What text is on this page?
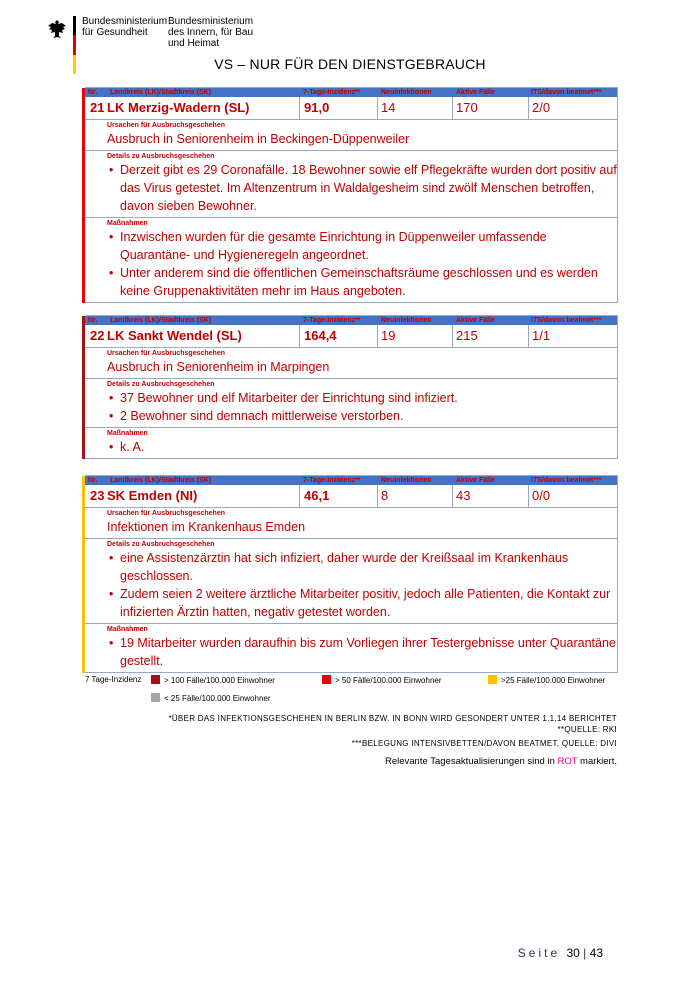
Bundesministerium
für Gesundheit
Bundesministerium
des Innern, für Bau
und Heimat
VS – NUR FÜR DEN DIENSTGEBRAUCH
Nr. Landkreis (LK)/Stadtkreis (SK)	7-Tage-Inzidenz**	Neuinfektionen	Aktive Fälle	ITS/davon beatmet***
21 LK Merzig-Wadern (SL)	91,0	14	170	2/0
Ursachen für Ausbruchsgeschehen
Ausbruch in Seniorenheim in Beckingen-Düppenweiler
Details zu Ausbruchsgeschehen
• Derzeit gibt es 29 Coronafälle. 18 Bewohner sowie elf Pflegekräfte wurden dort positiv auf das Virus getestet. Im Altenzentrum in Waldalgesheim sind zwölf Menschen betroffen, davon sieben Bewohner.
Maßnahmen
• Inzwischen wurden für die gesamte Einrichtung in Düppenweiler umfassende Quarantäne- und Hygieneregeln angeordnet.
• Unter anderem sind die öffentlichen Gemeinschaftsräume geschlossen und es werden keine Gruppenaktivitäten mehr im Haus angeboten.
Nr. Landkreis (LK)/Stadtkreis (SK)	7-Tage-Inzidenz**	Neuinfektionen	Aktive Fälle	ITS/davon beatmet***
22 LK Sankt Wendel (SL)	164,4	19	215	1/1
Ursachen für Ausbruchsgeschehen
Ausbruch in Seniorenheim in Marpingen
Details zu Ausbruchsgeschehen
• 37 Bewohner und elf Mitarbeiter der Einrichtung sind infiziert.
• 2 Bewohner sind demnach mittlerweise verstorben.
Maßnahmen
• k. A.
Nr. Landkreis (LK)/Stadtkreis (SK)	7-Tage-Inzidenz**	Neuinfektionen	Aktive Fälle	ITS/davon beatmet***
23 SK Emden (NI)	46,1	8	43	0/0
Ursachen für Ausbruchsgeschehen
Infektionen im Krankenhaus Emden
Details zu Ausbruchsgeschehen
• eine Assistenzärztin hat sich infiziert, daher wurde der Kreißsaal im Krankenhaus geschlossen.
• Zudem seien 2 weitere ärztliche Mitarbeiter positiv, jedoch alle Patienten, die Kontakt zur infizierten Ärztin hatten, negativ getestet worden.
Maßnahmen
• 19 Mitarbeiter wurden daraufhin bis zum Vorliegen ihrer Testergebnisse unter Quarantäne gestellt.
7 Tage-Inzidenz	> 100 Fälle/100.000 Einwohner	> 50 Fälle/100.000 Einwohner	>25 Fälle/100.000 Einwohner
< 25 Fälle/100.000 Einwohner
*ÜBER DAS INFEKTIONSGESCHEHEN IN BERLIN BZW. IN BONN WIRD GESONDERT UNTER 1.1.14 BERICHTET
**QUELLE: RKI
***BELEGUNG INTENSIVBETTEN/DAVON BEATMET, QUELLE: DIVI
Relevante Tagesaktualisierungen sind in ROT markiert.
Seite 30 | 43
